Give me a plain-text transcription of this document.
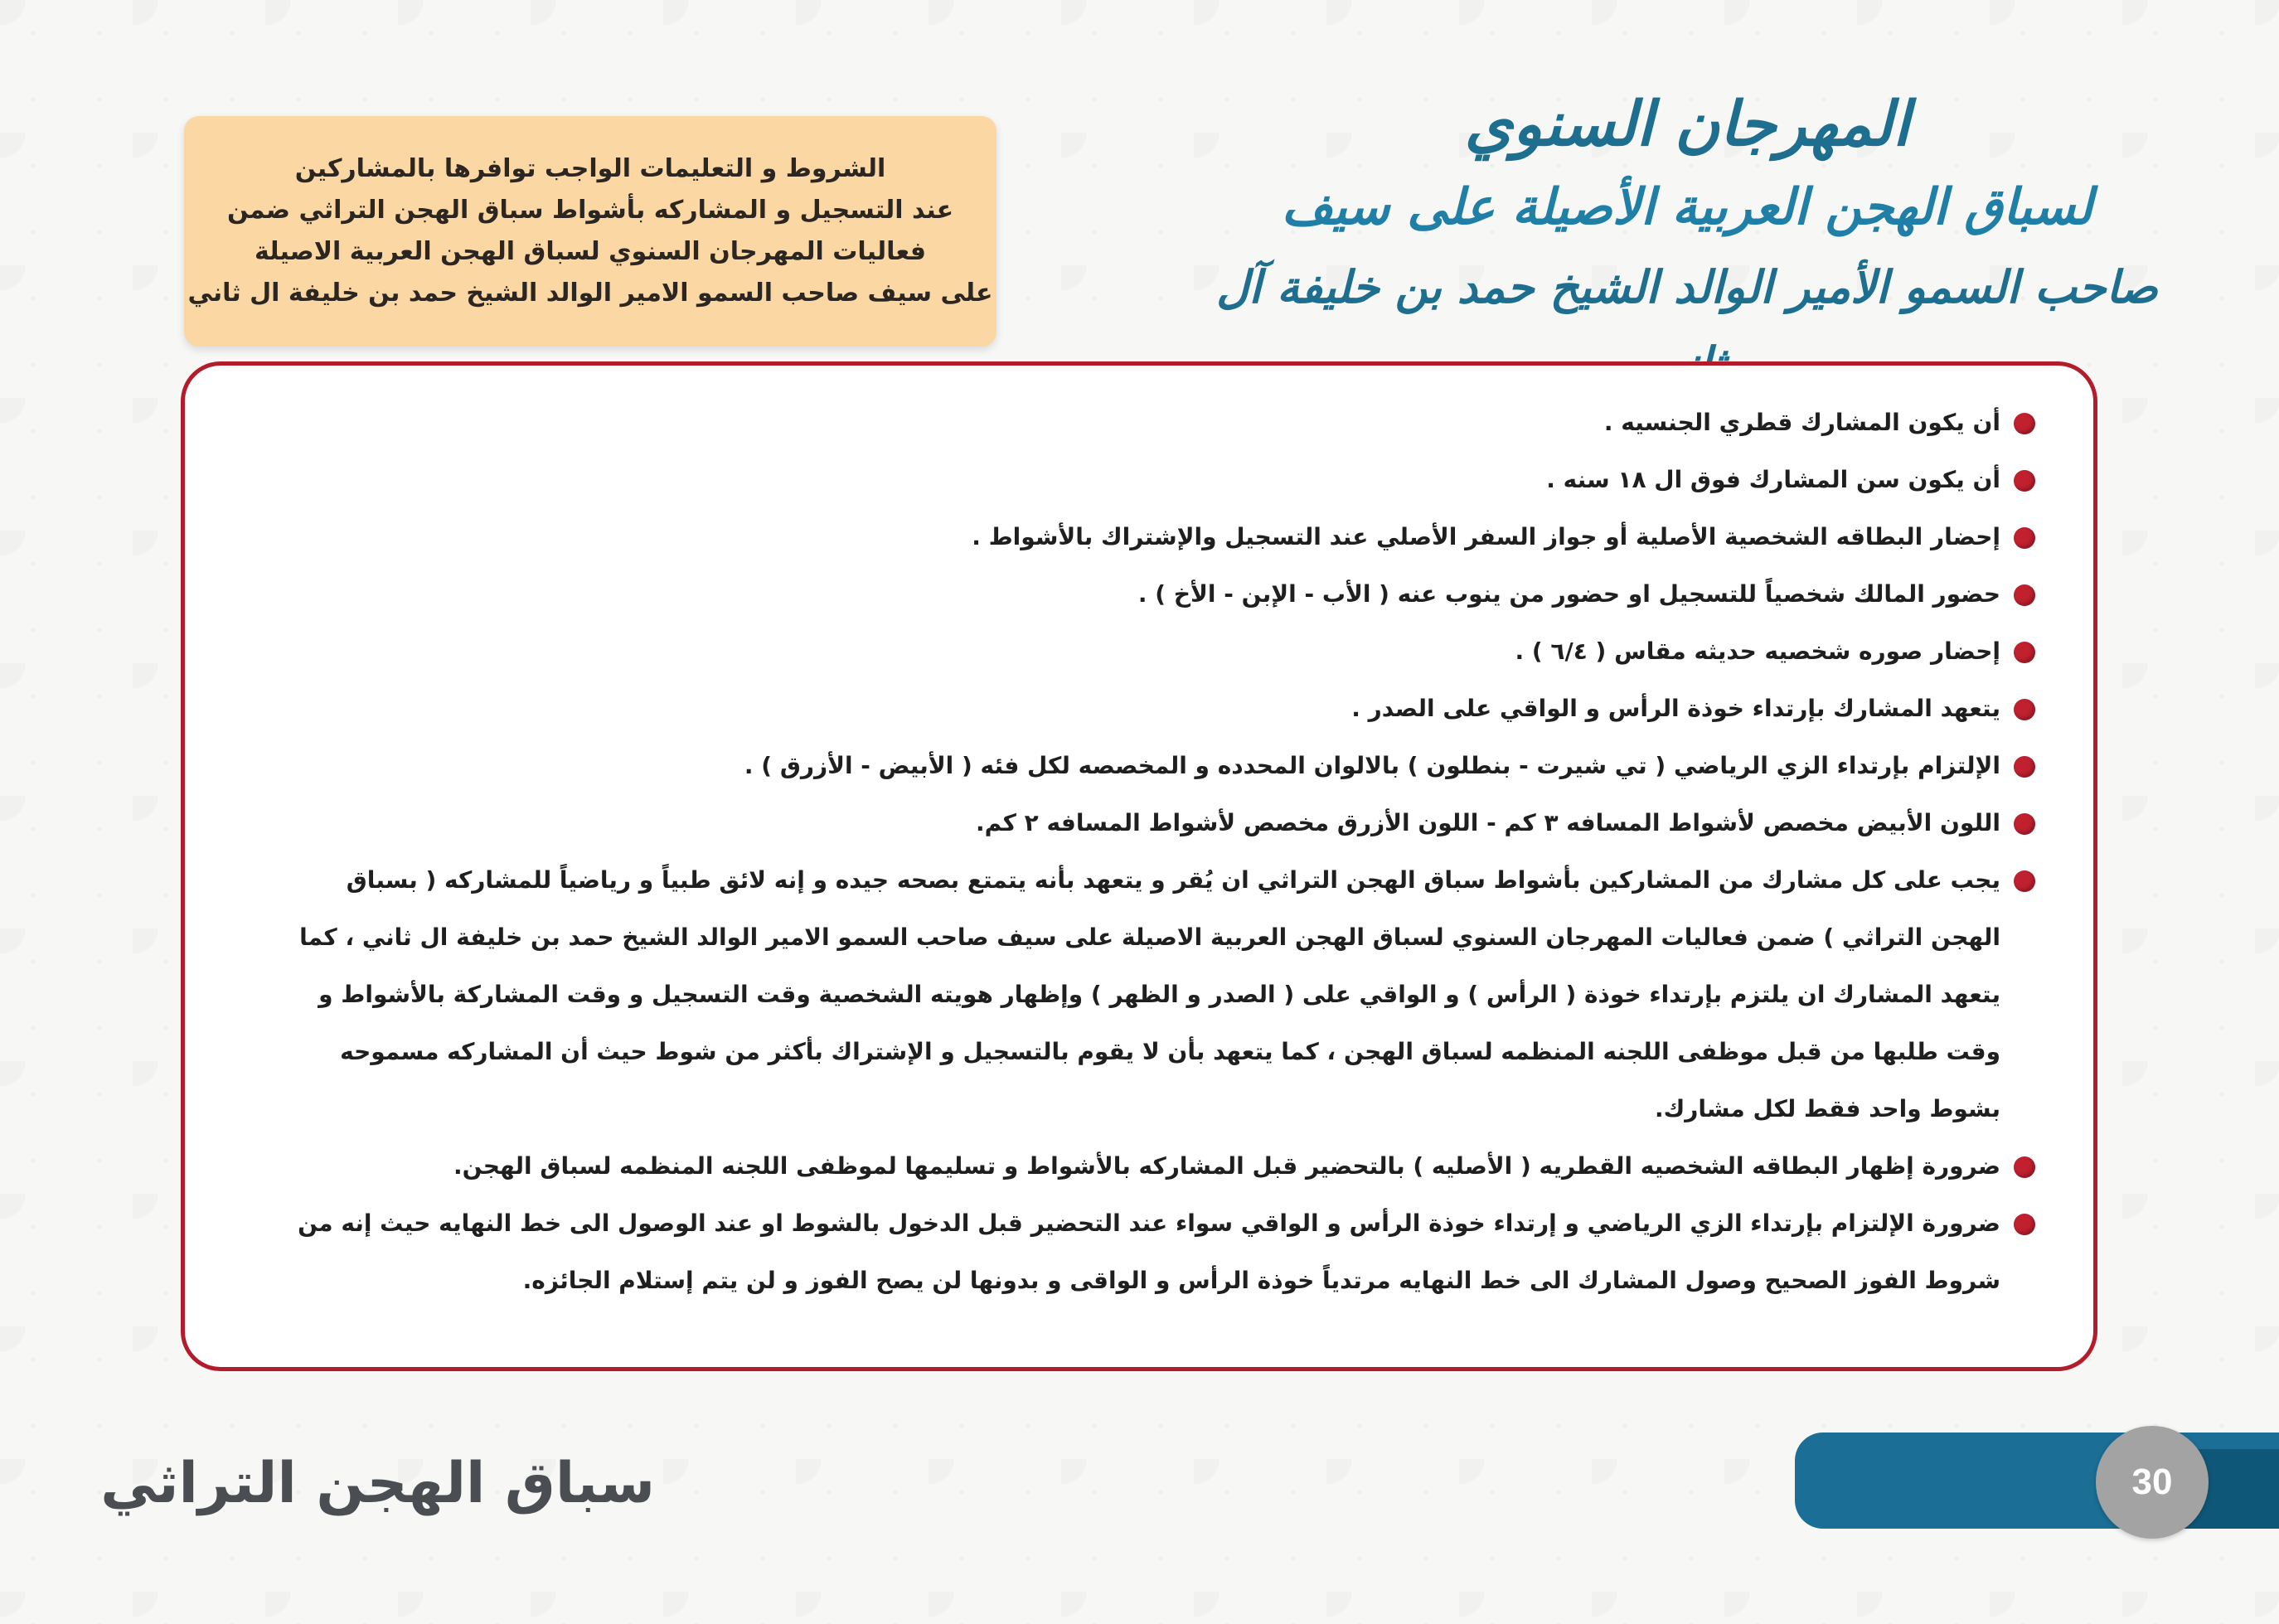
الشروط و التعليمات الواجب توافرها بالمشاركين
عند التسجيل و المشاركه بأشواط سباق الهجن التراثي ضمن
فعاليات المهرجان السنوي لسباق الهجن العربية الاصيلة
على سيف صاحب السمو الامير الوالد الشيخ حمد بن خليفة ال ثاني
المهرجان السنوي
لسباق الهجن العربية الأصيلة على سيف
صاحب السمو الأمير الوالد الشيخ حمد بن خليفة آل
أن يكون المشارك قطري الجنسيه .
أن يكون سن المشارك فوق ال ١٨ سنه .
إحضار البطاقه الشخصية الأصلية أو جواز السفر الأصلي عند التسجيل والإشتراك بالأشواط .
حضور المالك شخصياً للتسجيل او حضور من ينوب عنه ( الأب - الإبن - الأخ ) .
إحضار صوره شخصيه حديثه مقاس ( ٦/٤ ) .
يتعهد المشارك بإرتداء خوذة الرأس و الواقي على الصدر .
الإلتزام بإرتداء الزي الرياضي ( تي شيرت - بنطلون ) بالالوان المحدده و المخصصه لكل فئه ( الأبيض - الأزرق ) .
اللون الأبيض مخصص لأشواط المسافه ٣ كم - اللون الأزرق مخصص لأشواط المسافه ٢ كم.
يجب على كل مشارك من المشاركين بأشواط سباق الهجن التراثي ان يُقر و يتعهد بأنه يتمتع بصحه جيده و إنه لائق طبياً و رياضياً للمشاركه ( بسباق الهجن التراثي ) ضمن فعاليات المهرجان السنوي لسباق الهجن العربية الاصيلة على سيف صاحب السمو الامير الوالد الشيخ حمد بن خليفة ال ثاني ، كما يتعهد المشارك ان يلتزم بإرتداء خوذة ( الرأس ) و الواقي على ( الصدر و الظهر ) وإظهار هويته الشخصية وقت التسجيل و وقت المشاركة بالأشواط و وقت طلبها من قبل موظفى اللجنه المنظمه لسباق الهجن ، كما يتعهد بأن لا يقوم بالتسجيل و الإشتراك بأكثر من شوط حيث أن المشاركه مسموحه بشوط واحد فقط لكل مشارك.
ضرورة إظهار البطاقه الشخصيه القطريه ( الأصليه ) بالتحضير قبل المشاركه بالأشواط و تسليمها لموظفى اللجنه المنظمه لسباق الهجن.
ضرورة الإلتزام بإرتداء الزي الرياضي و إرتداء خوذة الرأس و الواقي سواء عند التحضير قبل الدخول بالشوط او عند الوصول الى خط النهايه حيث إنه من شروط الفوز الصحيح وصول المشارك الى خط النهايه مرتدياً خوذة الرأس و الواقى و بدونها لن يصح الفوز و لن يتم إستلام الجائزه.
سباق الهجن التراثي	30
